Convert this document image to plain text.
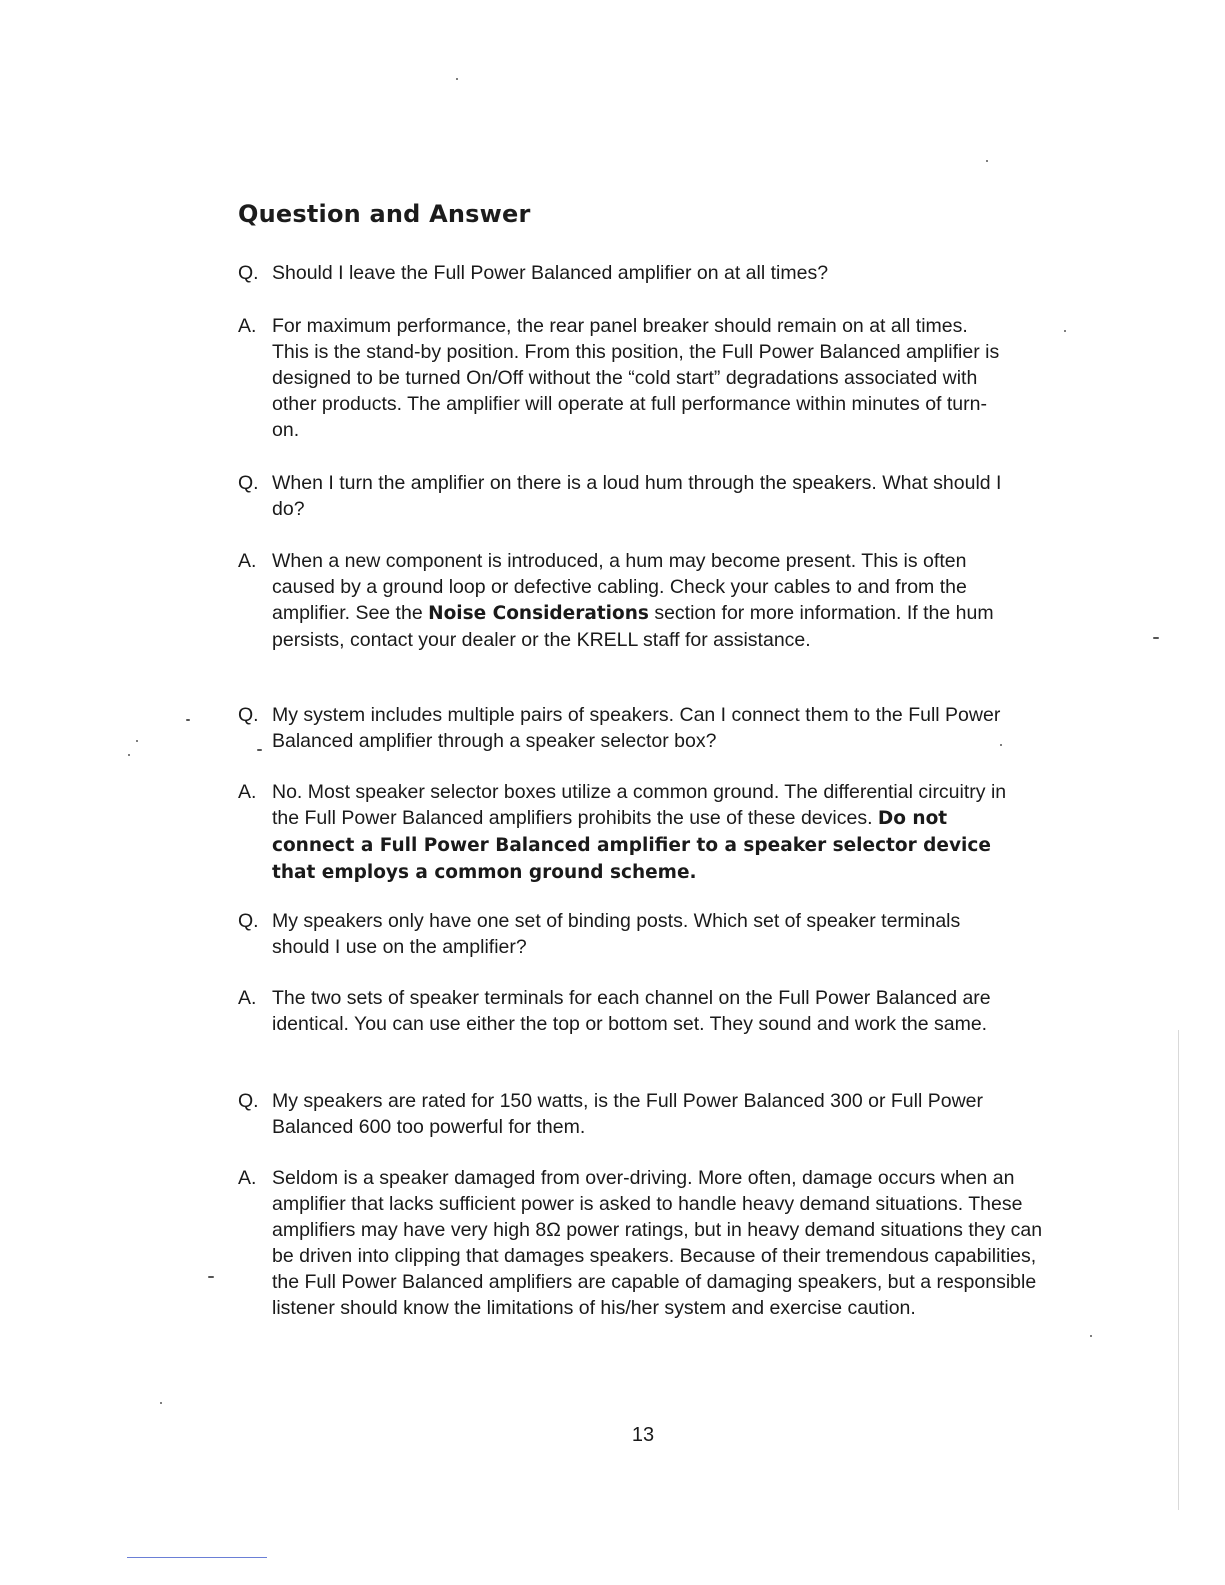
Question and Answer
Q. Should I leave the Full Power Balanced amplifier on at all times?
A. For maximum performance, the rear panel breaker should remain on at all times. This is the stand-by position. From this position, the Full Power Balanced amplifier is designed to be turned On/Off without the “cold start” degradations associated with other products. The amplifier will operate at full performance within minutes of turn-on.
Q. When I turn the amplifier on there is a loud hum through the speakers. What should I do?
A. When a new component is introduced, a hum may become present. This is often caused by a ground loop or defective cabling. Check your cables to and from the amplifier. See the Noise Considerations section for more information. If the hum persists, contact your dealer or the KRELL staff for assistance.
Q. My system includes multiple pairs of speakers. Can I connect them to the Full Power Balanced amplifier through a speaker selector box?
A. No. Most speaker selector boxes utilize a common ground. The differential circuitry in the Full Power Balanced amplifiers prohibits the use of these devices. Do not connect a Full Power Balanced amplifier to a speaker selector device that employs a common ground scheme.
Q. My speakers only have one set of binding posts. Which set of speaker terminals should I use on the amplifier?
A. The two sets of speaker terminals for each channel on the Full Power Balanced are identical. You can use either the top or bottom set. They sound and work the same.
Q. My speakers are rated for 150 watts, is the Full Power Balanced 300 or Full Power Balanced 600 too powerful for them.
A. Seldom is a speaker damaged from over-driving. More often, damage occurs when an amplifier that lacks sufficient power is asked to handle heavy demand situations. These amplifiers may have very high 8Ω power ratings, but in heavy demand situations they can be driven into clipping that damages speakers. Because of their tremendous capabilities, the Full Power Balanced amplifiers are capable of damaging speakers, but a responsible listener should know the limitations of his/her system and exercise caution.
13
